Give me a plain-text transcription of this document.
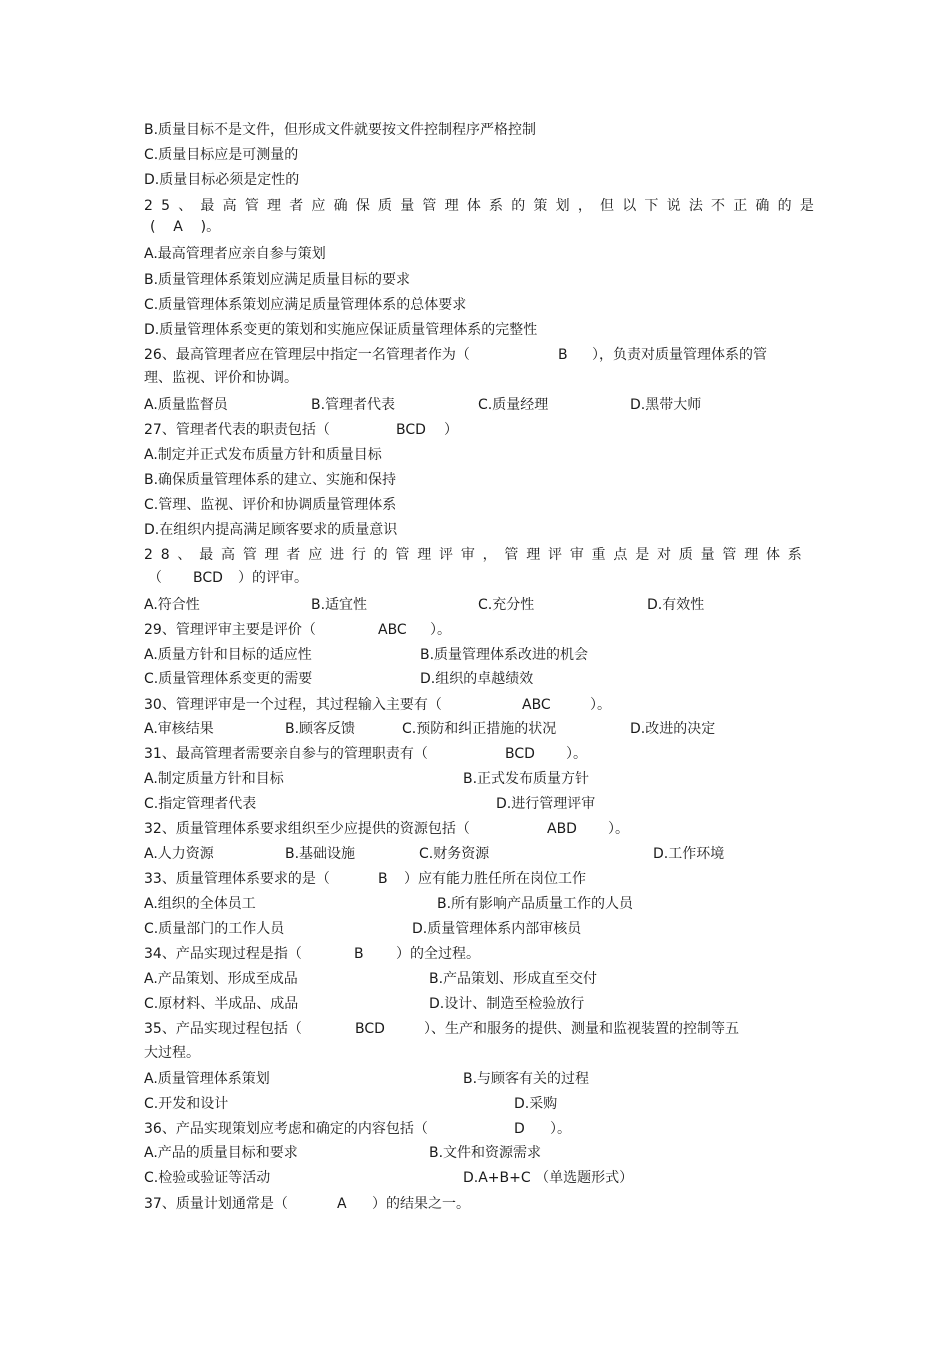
B.质量目标不是文件，但形成文件就要按文件控制程序严格控制
C.质量目标应是可测量的
D.质量目标必须是定性的
25、最高管理者应确保质量管理体系的策划，但以下说法不正确的是
(    A    )。
A.最高管理者应亲自参与策划
B.质量管理体系策划应满足质量目标的要求
C.质量管理体系策划应满足质量管理体系的总体要求
D.质量管理体系变更的策划和实施应保证质量管理体系的完整性
26、最高管理者应在管理层中指定一名管理者作为（	B ），负责对质量管理体系的管
理、监视、评价和协调。
A.质量监督员	B.管理者代表	C.质量经理	D.黑带大师
27、管理者代表的职责包括（	BCD ）
A.制定并正式发布质量方针和质量目标
B.确保质量管理体系的建立、实施和保持
C.管理、监视、评价和协调质量管理体系
D.在组织内提高满足顾客要求的质量意识
28、最高管理者应进行的管理评审，管理评审重点是对质量管理体系
（ BCD ）的评审。
A.符合性	B.适宜性	C.充分性	D.有效性
29、管理评审主要是评价（	ABC ）。
A.质量方针和目标的适应性	B.质量管理体系改进的机会
C.质量管理体系变更的需要	D.组织的卓越绩效
30、管理评审是一个过程，其过程输入主要有（	ABC	）。
A.审核结果	B.顾客反馈	C.预防和纠正措施的状况	D.改进的决定
31、最高管理者需要亲自参与的管理职责有（	BCD ）。
A.制定质量方针和目标	B.正式发布质量方针
C.指定管理者代表	D.进行管理评审
32、质量管理体系要求组织至少应提供的资源包括（	ABD ）。
A.人力资源	B.基础设施	C.财务资源	D.工作环境
33、质量管理体系要求的是（	B ）应有能力胜任所在岗位工作
A.组织的全体员工	B.所有影响产品质量工作的人员
C.质量部门的工作人员	D.质量管理体系内部审核员
34、产品实现过程是指（	B ）的全过程。
A.产品策划、形成至成品	B.产品策划、形成直至交付
C.原材料、半成品、成品	D.设计、制造至检验放行
35、产品实现过程包括（	BCD	）、生产和服务的提供、测量和监视装置的控制等五
大过程。
A.质量管理体系策划	B.与顾客有关的过程
C.开发和设计	D.采购
36、产品实现策划应考虑和确定的内容包括（	D ）。
A.产品的质量目标和要求	B.文件和资源需求
C.检验或验证等活动	D.A+B+C （单选题形式）
37、质量计划通常是（	A ）的结果之一。
